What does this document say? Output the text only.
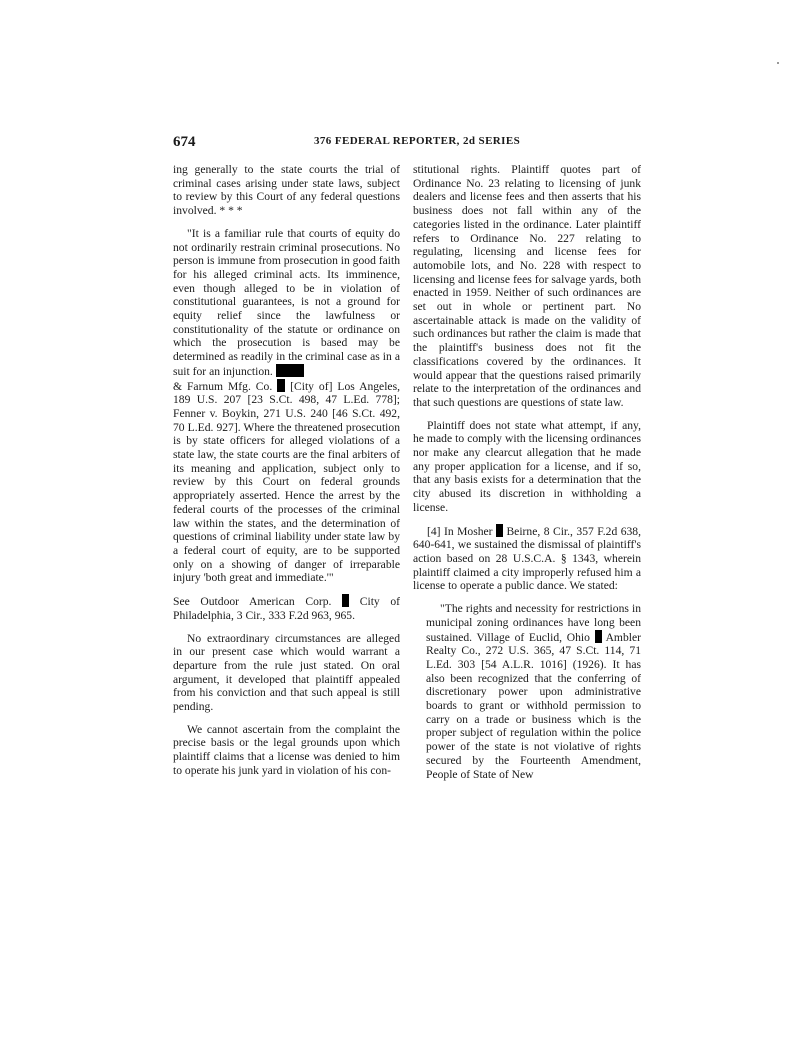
674	376 FEDERAL REPORTER, 2d SERIES

ing generally to the state courts the trial of criminal cases arising under state laws, subject to review by this Court of any federal questions involved. * * *

"It is a familiar rule that courts of equity do not ordinarily restrain criminal prosecutions. No person is immune from prosecution in good faith for his alleged criminal acts. Its imminence, even though alleged to be in violation of constitutional guarantees, is not a ground for equity relief since the lawfulness or constitutionality of the statute or ordinance on which the prosecution is based may be determined as readily in the criminal case as in a suit for an injunction.
& Farnum Mfg. Co. [City of] Los Angeles, 189 U.S. 207 [23 S.Ct. 498, 47 L.Ed. 778]; Fenner v. Boykin, 271 U.S. 240 [46 S.Ct. 492, 70 L.Ed. 927]. Where the threatened prosecution is by state officers for alleged violations of a state law, the state courts are the final arbiters of its meaning and application, subject only to review by this Court on federal grounds appropriately asserted. Hence the arrest by the federal courts of the processes of the criminal law within the states, and the determination of questions of criminal liability under state law by a federal court of equity, are to be supported only on a showing of danger of irreparable injury 'both great and immediate.'"

See Outdoor American Corp. City of Philadelphia, 3 Cir., 333 F.2d 963, 965.

No extraordinary circumstances are alleged in our present case which would warrant a departure from the rule just stated. On oral argument, it developed that plaintiff appealed from his conviction and that such appeal is still pending.

We cannot ascertain from the complaint the precise basis or the legal grounds upon which plaintiff claims that a license was denied to him to operate his junk yard in violation of his con-

stitutional rights. Plaintiff quotes part of Ordinance No. 23 relating to licensing of junk dealers and license fees and then asserts that his business does not fall within any of the categories listed in the ordinance. Later plaintiff refers to Ordinance No. 227 relating to regulating, licensing and license fees for automobile lots, and No. 228 with respect to licensing and license fees for salvage yards, both enacted in 1959. Neither of such ordinances are set out in whole or pertinent part. No ascertainable attack is made on the validity of such ordinances but rather the claim is made that the plaintiff's business does not fit the classifications covered by the ordinances. It would appear that the questions raised primarily relate to the interpretation of the ordinances and that such questions are questions of state law.

Plaintiff does not state what attempt, if any, he made to comply with the licensing ordinances nor make any clearcut allegation that he made any proper application for a license, and if so, that any basis exists for a determination that the city abused its discretion in withholding a license.

[4] In Mosher Beirne, 8 Cir., 357 F.2d 638, 640-641, we sustained the dismissal of plaintiff's action based on 28 U.S.C.A. § 1343, wherein plaintiff claimed a city improperly refused him a license to operate a public dance. We stated:

"The rights and necessity for restrictions in municipal zoning ordinances have long been sustained. Village of Euclid, Ohio Ambler Realty Co., 272 U.S. 365, 47 S.Ct. 114, 71 L.Ed. 303 [54 A.L.R. 1016] (1926). It has also been recognized that the conferring of discretionary power upon administrative boards to grant or withhold permission to carry on a trade or business which is the proper subject of regulation within the police power of the state is not violative of rights secured by the Fourteenth Amendment, People of State of New
